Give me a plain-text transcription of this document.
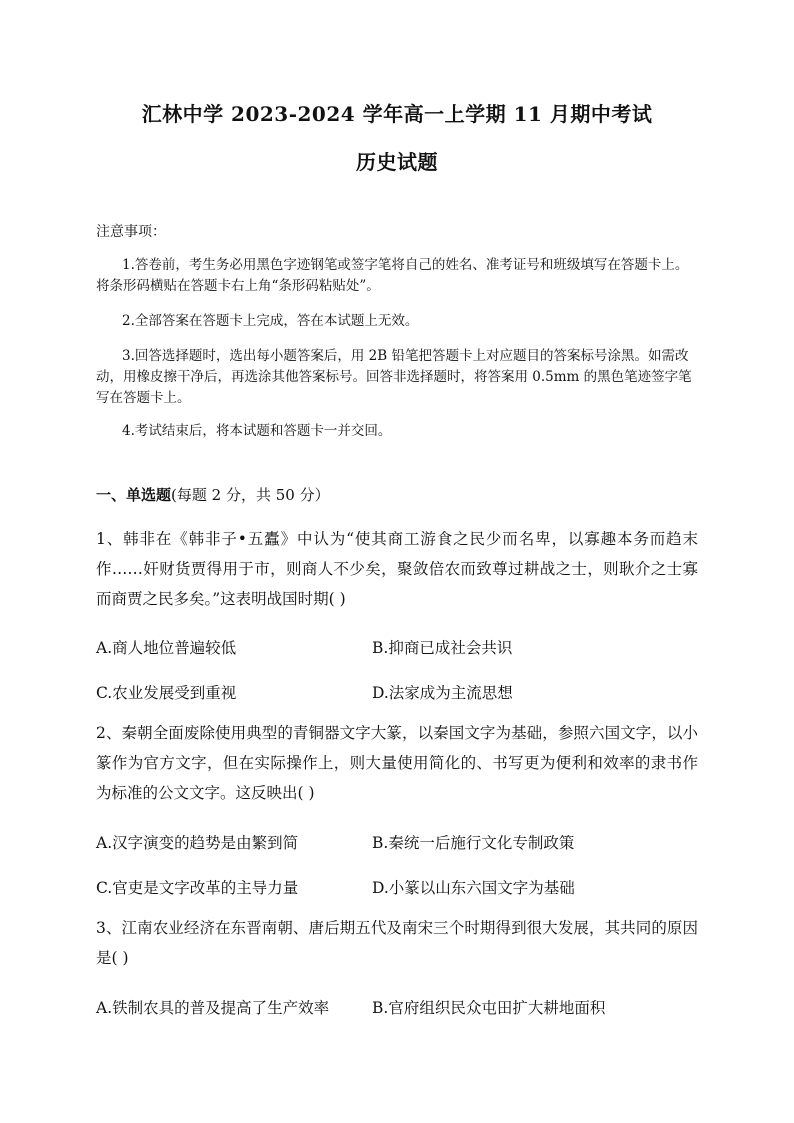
汇林中学 2023-2024 学年高一上学期 11 月期中考试
历史试题
注意事项：
1.答卷前，考生务必用黑色字迹钢笔或签字笔将自己的姓名、准考证号和班级填写在答题卡上。将条形码横贴在答题卡右上角“条形码粘贴处”。
2.全部答案在答题卡上完成，答在本试题上无效。
3.回答选择题时，选出每小题答案后，用 2B 铅笔把答题卡上对应题目的答案标号涂黑。如需改动，用橡皮擦干净后，再选涂其他答案标号。回答非选择题时，将答案用 0.5mm 的黑色笔迹签字笔写在答题卡上。
4.考试结束后，将本试题和答题卡一并交回。
一、单选题(每题 2 分，共 50 分）
1、韩非在《韩非子•五蠹》中认为“使其商工游食之民少而名卑，以寡趣本务而趋末作……奸财货贾得用于市，则商人不少矣，聚敛倍农而致尊过耕战之士，则耿介之士寡而商贾之民多矣。”这表明战国时期( )
A.商人地位普遍较低	B.抑商已成社会共识
C.农业发展受到重视	D.法家成为主流思想
2、秦朝全面废除使用典型的青铜器文字大篆，以秦国文字为基础，参照六国文字，以小篆作为官方文字，但在实际操作上，则大量使用简化的、书写更为便利和效率的隶书作为标准的公文文字。这反映出( )
A.汉字演变的趋势是由繁到简	B.秦统一后施行文化专制政策
C.官吏是文字改革的主导力量	D.小篆以山东六国文字为基础
3、江南农业经济在东晋南朝、唐后期五代及南宋三个时期得到很大发展，其共同的原因是( )
A.铁制农具的普及提高了生产效率	B.官府组织民众屯田扩大耕地面积
